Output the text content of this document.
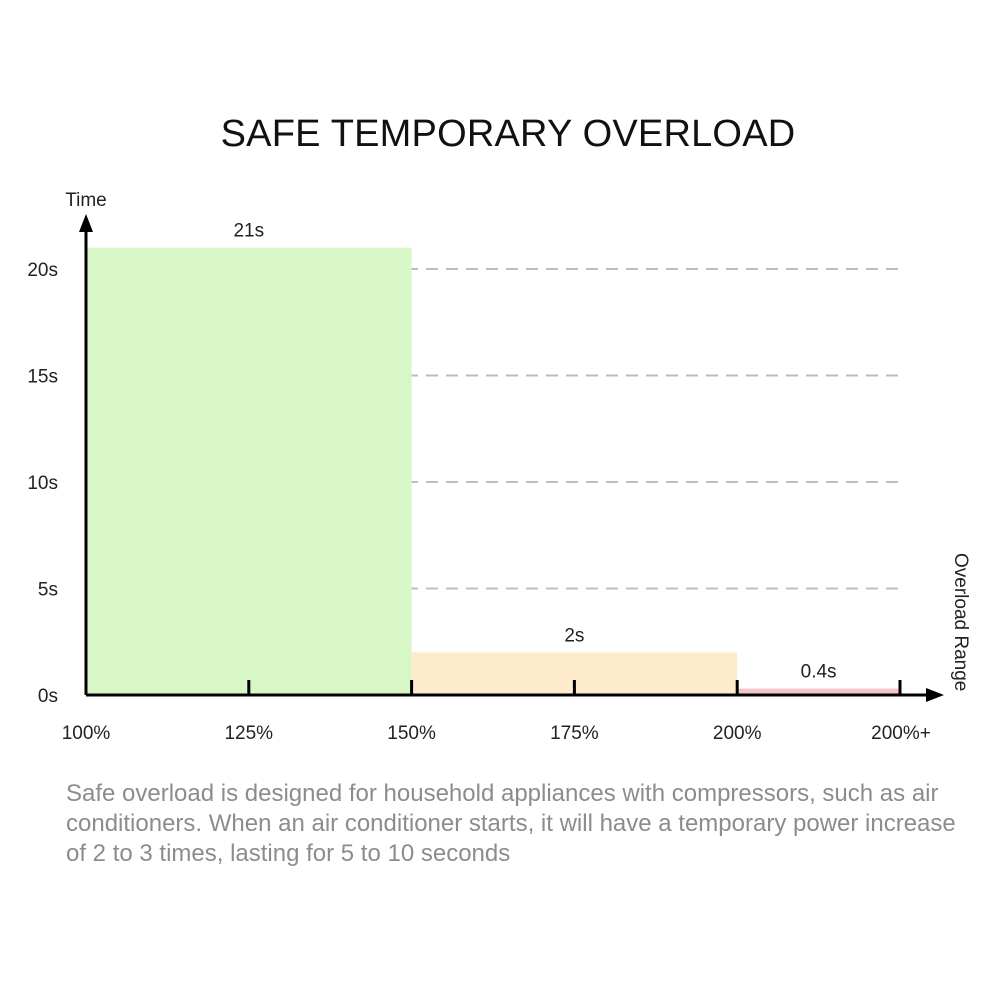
SAFE TEMPORARY OVERLOAD
100%	125%	150%	175%	200%	200%+
0s
5s
10s
15s
20s
21s
2s
0.4s
Time
Overload Range
Safe overload is designed for household appliances with compressors, such as air conditioners. When an air conditioner starts, it will have a temporary power increase of 2 to 3 times, lasting for 5 to 10 seconds
